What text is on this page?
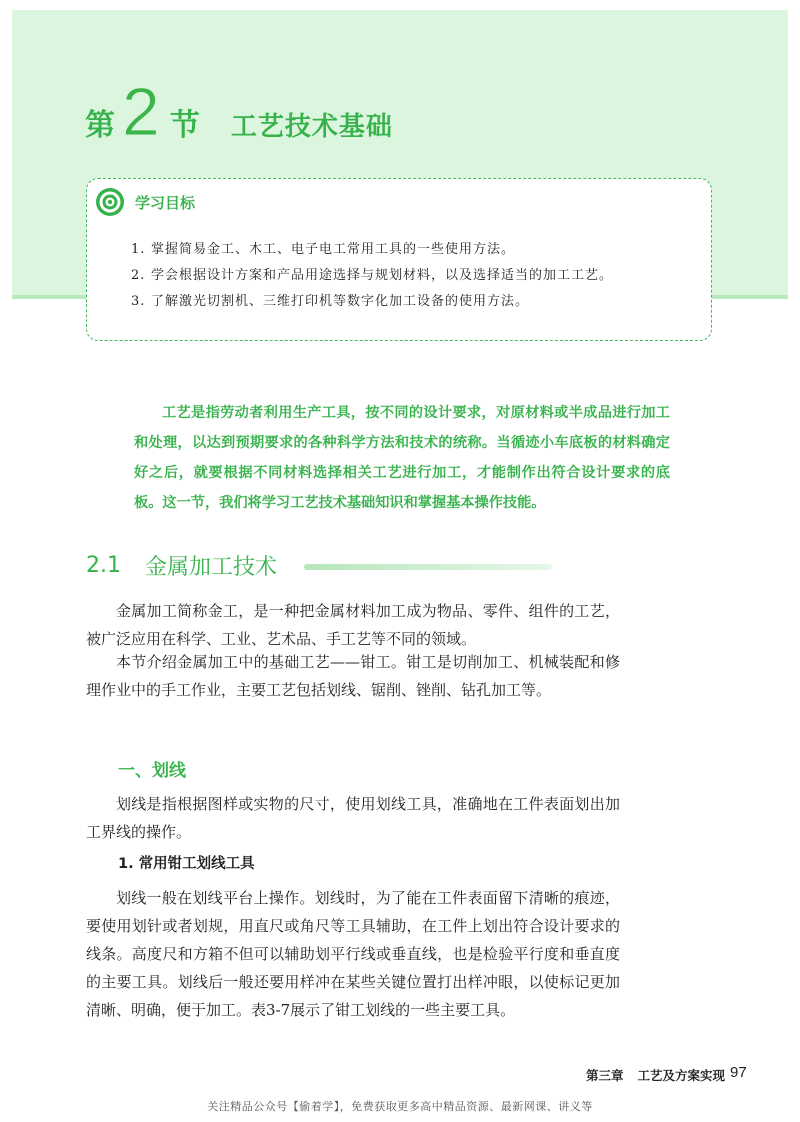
第 2 节 工艺技术基础
学习目标
1. 掌握简易金工、木工、电子电工常用工具的一些使用方法。
2. 学会根据设计方案和产品用途选择与规划材料，以及选择适当的加工工艺。
3. 了解激光切割机、三维打印机等数字化加工设备的使用方法。

工艺是指劳动者利用生产工具，按不同的设计要求，对原材料或半成品进行加工和处理，以达到预期要求的各种科学方法和技术的统称。当循迹小车底板的材料确定好之后，就要根据不同材料选择相关工艺进行加工，才能制作出符合设计要求的底板。这一节，我们将学习工艺技术基础知识和掌握基本操作技能。

2.1 金属加工技术

金属加工简称金工，是一种把金属材料加工成为物品、零件、组件的工艺，被广泛应用在科学、工业、艺术品、手工艺等不同的领域。

本节介绍金属加工中的基础工艺——钳工。钳工是切削加工、机械装配和修理作业中的手工作业，主要工艺包括划线、锯削、锉削、钻孔加工等。

一、划线

划线是指根据图样或实物的尺寸，使用划线工具，准确地在工件表面划出加工界线的操作。

1. 常用钳工划线工具

划线一般在划线平台上操作。划线时，为了能在工件表面留下清晰的痕迹，要使用划针或者划规，用直尺或角尺等工具辅助，在工件上划出符合设计要求的线条。高度尺和方箱不但可以辅助划平行线或垂直线，也是检验平行度和垂直度的主要工具。划线后一般还要用样冲在某些关键位置打出样冲眼，以使标记更加清晰、明确，便于加工。表3-7展示了钳工划线的一些主要工具。

第三章 工艺及方案实现 97
关注精品公众号【偷着学】，免费获取更多高中精品资源、最新网课、讲义等
